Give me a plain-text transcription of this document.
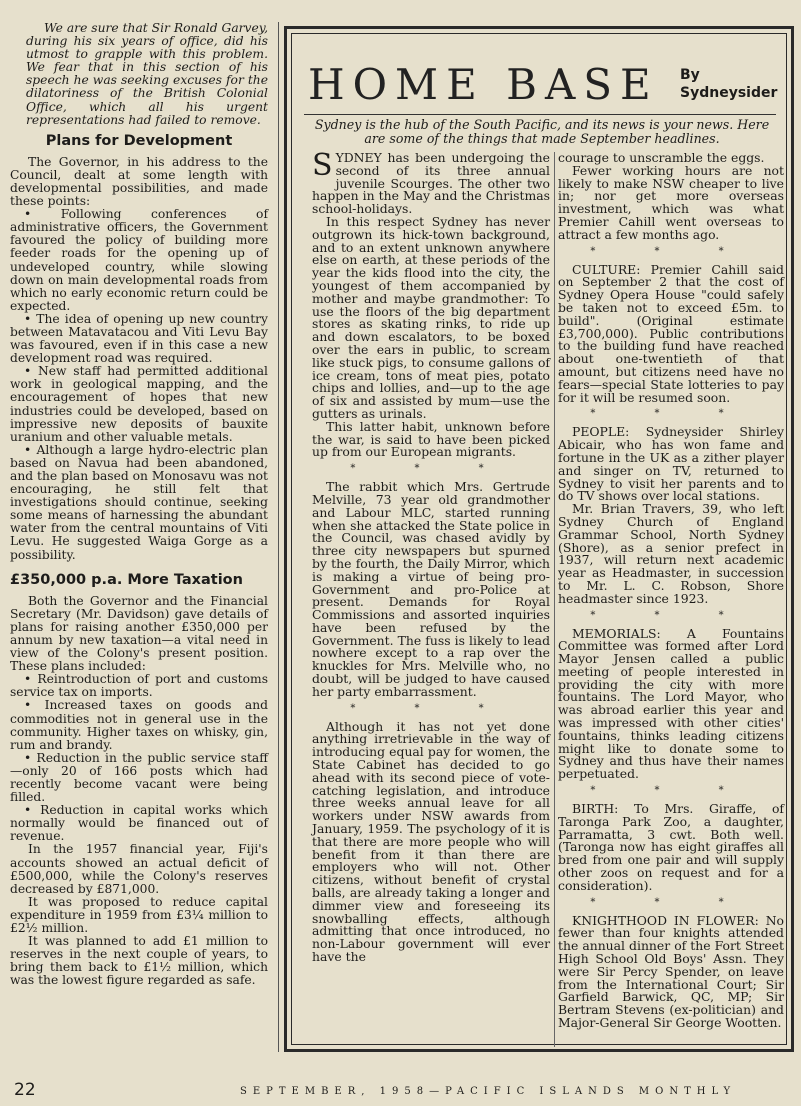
We are sure that Sir Ronald Garvey, during his six years of office, did his utmost to grapple with this problem. We fear that in this section of his speech he was seeking excuses for the dilatoriness of the British Colonial Office, which all his urgent representations had failed to remove.

Plans for Development

The Governor, in his address to the Council, dealt at some length with developmental possibilities, and made these points:

• Following conferences of administrative officers, the Government favoured the policy of building more feeder roads for the opening up of undeveloped country, while slowing down on main developmental roads from which no early economic return could be expected.

• The idea of opening up new country between Matavatacou and Viti Levu Bay was favoured, even if in this case a new development road was required.

• New staff had permitted additional work in geological mapping, and the encouragement of hopes that new industries could be developed, based on impressive new deposits of bauxite uranium and other valuable metals.

• Although a large hydro-electric plan based on Navua had been abandoned, and the plan based on Monosavu was not encouraging, he still felt that investigations should continue, seeking some means of harnessing the abundant water from the central mountains of Viti Levu. He suggested Waiga Gorge as a possibility.

£350,000 p.a. More Taxation

Both the Governor and the Financial Secretary (Mr. Davidson) gave details of plans for raising another £350,000 per annum by new taxation—a vital need in view of the Colony's present position. These plans included:

• Reintroduction of port and customs service tax on imports.

• Increased taxes on goods and commodities not in general use in the community. Higher taxes on whisky, gin, rum and brandy.

• Reduction in the public service staff—only 20 of 166 posts which had recently become vacant were being filled.

• Reduction in capital works which normally would be financed out of revenue.

In the 1957 financial year, Fiji's accounts showed an actual deficit of £500,000, while the Colony's reserves decreased by £871,000.

It was proposed to reduce capital expenditure in 1959 from £3¼ million to £2½ million.

It was planned to add £1 million to reserves in the next couple of years, to bring them back to £1½ million, which was the lowest figure regarded as safe.

HOME BASE By
Sydneysider
Sydney is the hub of the South Pacific, and its news is your news. Here are some of the things that made September headlines.

SYDNEY has been undergoing the second of its three annual juvenile Scourges. The other two happen in the May and the Christmas school-holidays.

In this respect Sydney has never outgrown its hick-town background, and to an extent unknown anywhere else on earth, at these periods of the year the kids flood into the city, the youngest of them accompanied by mother and maybe grandmother: To use the floors of the big department stores as skating rinks, to ride up and down escalators, to be boxed over the ears in public, to scream like stuck pigs, to consume gallons of ice cream, tons of meat pies, potato chips and lollies, and—up to the age of six and assisted by mum—use the gutters as urinals.

This latter habit, unknown before the war, is said to have been picked up from our European migrants.

* * *

The rabbit which Mrs. Gertrude Melville, 73 year old grandmother and Labour MLC, started running when she attacked the State police in the Council, was chased avidly by three city newspapers but spurned by the fourth, the Daily Mirror, which is making a virtue of being pro-Government and pro-Police at present. Demands for Royal Commissions and assorted inquiries have been refused by the Government. The fuss is likely to lead nowhere except to a rap over the knuckles for Mrs. Melville who, no doubt, will be judged to have caused her party embarrassment.

* * *

Although it has not yet done anything irretrievable in the way of introducing equal pay for women, the State Cabinet has decided to go ahead with its second piece of vote-catching legislation, and introduce three weeks annual leave for all workers under NSW awards from January, 1959. The psychology of it is that there are more people who will benefit from it than there are employers who will not. Other citizens, without benefit of crystal balls, are already taking a longer and dimmer view and foreseeing its snowballing effects, although admitting that once introduced, no non-Labour government will ever have the

courage to unscramble the eggs.

Fewer working hours are not likely to make NSW cheaper to live in; nor get more overseas investment, which was what Premier Cahill went overseas to attract a few months ago.

* * *

CULTURE: Premier Cahill said on September 2 that the cost of Sydney Opera House "could safely be taken not to exceed £5m. to build". (Original estimate £3,700,000). Public contributions to the building fund have reached about one-twentieth of that amount, but citizens need have no fears—special State lotteries to pay for it will be resumed soon.

* * *

PEOPLE: Sydneysider Shirley Abicair, who has won fame and fortune in the UK as a zither player and singer on TV, returned to Sydney to visit her parents and to do TV shows over local stations.

Mr. Brian Travers, 39, who left Sydney Church of England Grammar School, North Sydney (Shore), as a senior prefect in 1937, will return next academic year as Headmaster, in succession to Mr. L. C. Robson, Shore headmaster since 1923.

* * *

MEMORIALS: A Fountains Committee was formed after Lord Mayor Jensen called a public meeting of people interested in providing the city with more fountains. The Lord Mayor, who was abroad earlier this year and was impressed with other cities' fountains, thinks leading citizens might like to donate some to Sydney and thus have their names perpetuated.

* * *

BIRTH: To Mrs. Giraffe, of Taronga Park Zoo, a daughter, Parramatta, 3 cwt. Both well. (Taronga now has eight giraffes all bred from one pair and will supply other zoos on request and for a consideration).

* * *

KNIGHTHOOD IN FLOWER: No fewer than four knights attended the annual dinner of the Fort Street High School Old Boys' Assn. They were Sir Percy Spender, on leave from the International Court; Sir Garfield Barwick, QC, MP; Sir Bertram Stevens (ex-politician) and Major-General Sir George Wootten.

22	SEPTEMBER, 1958—PACIFIC ISLANDS MONTHLY
